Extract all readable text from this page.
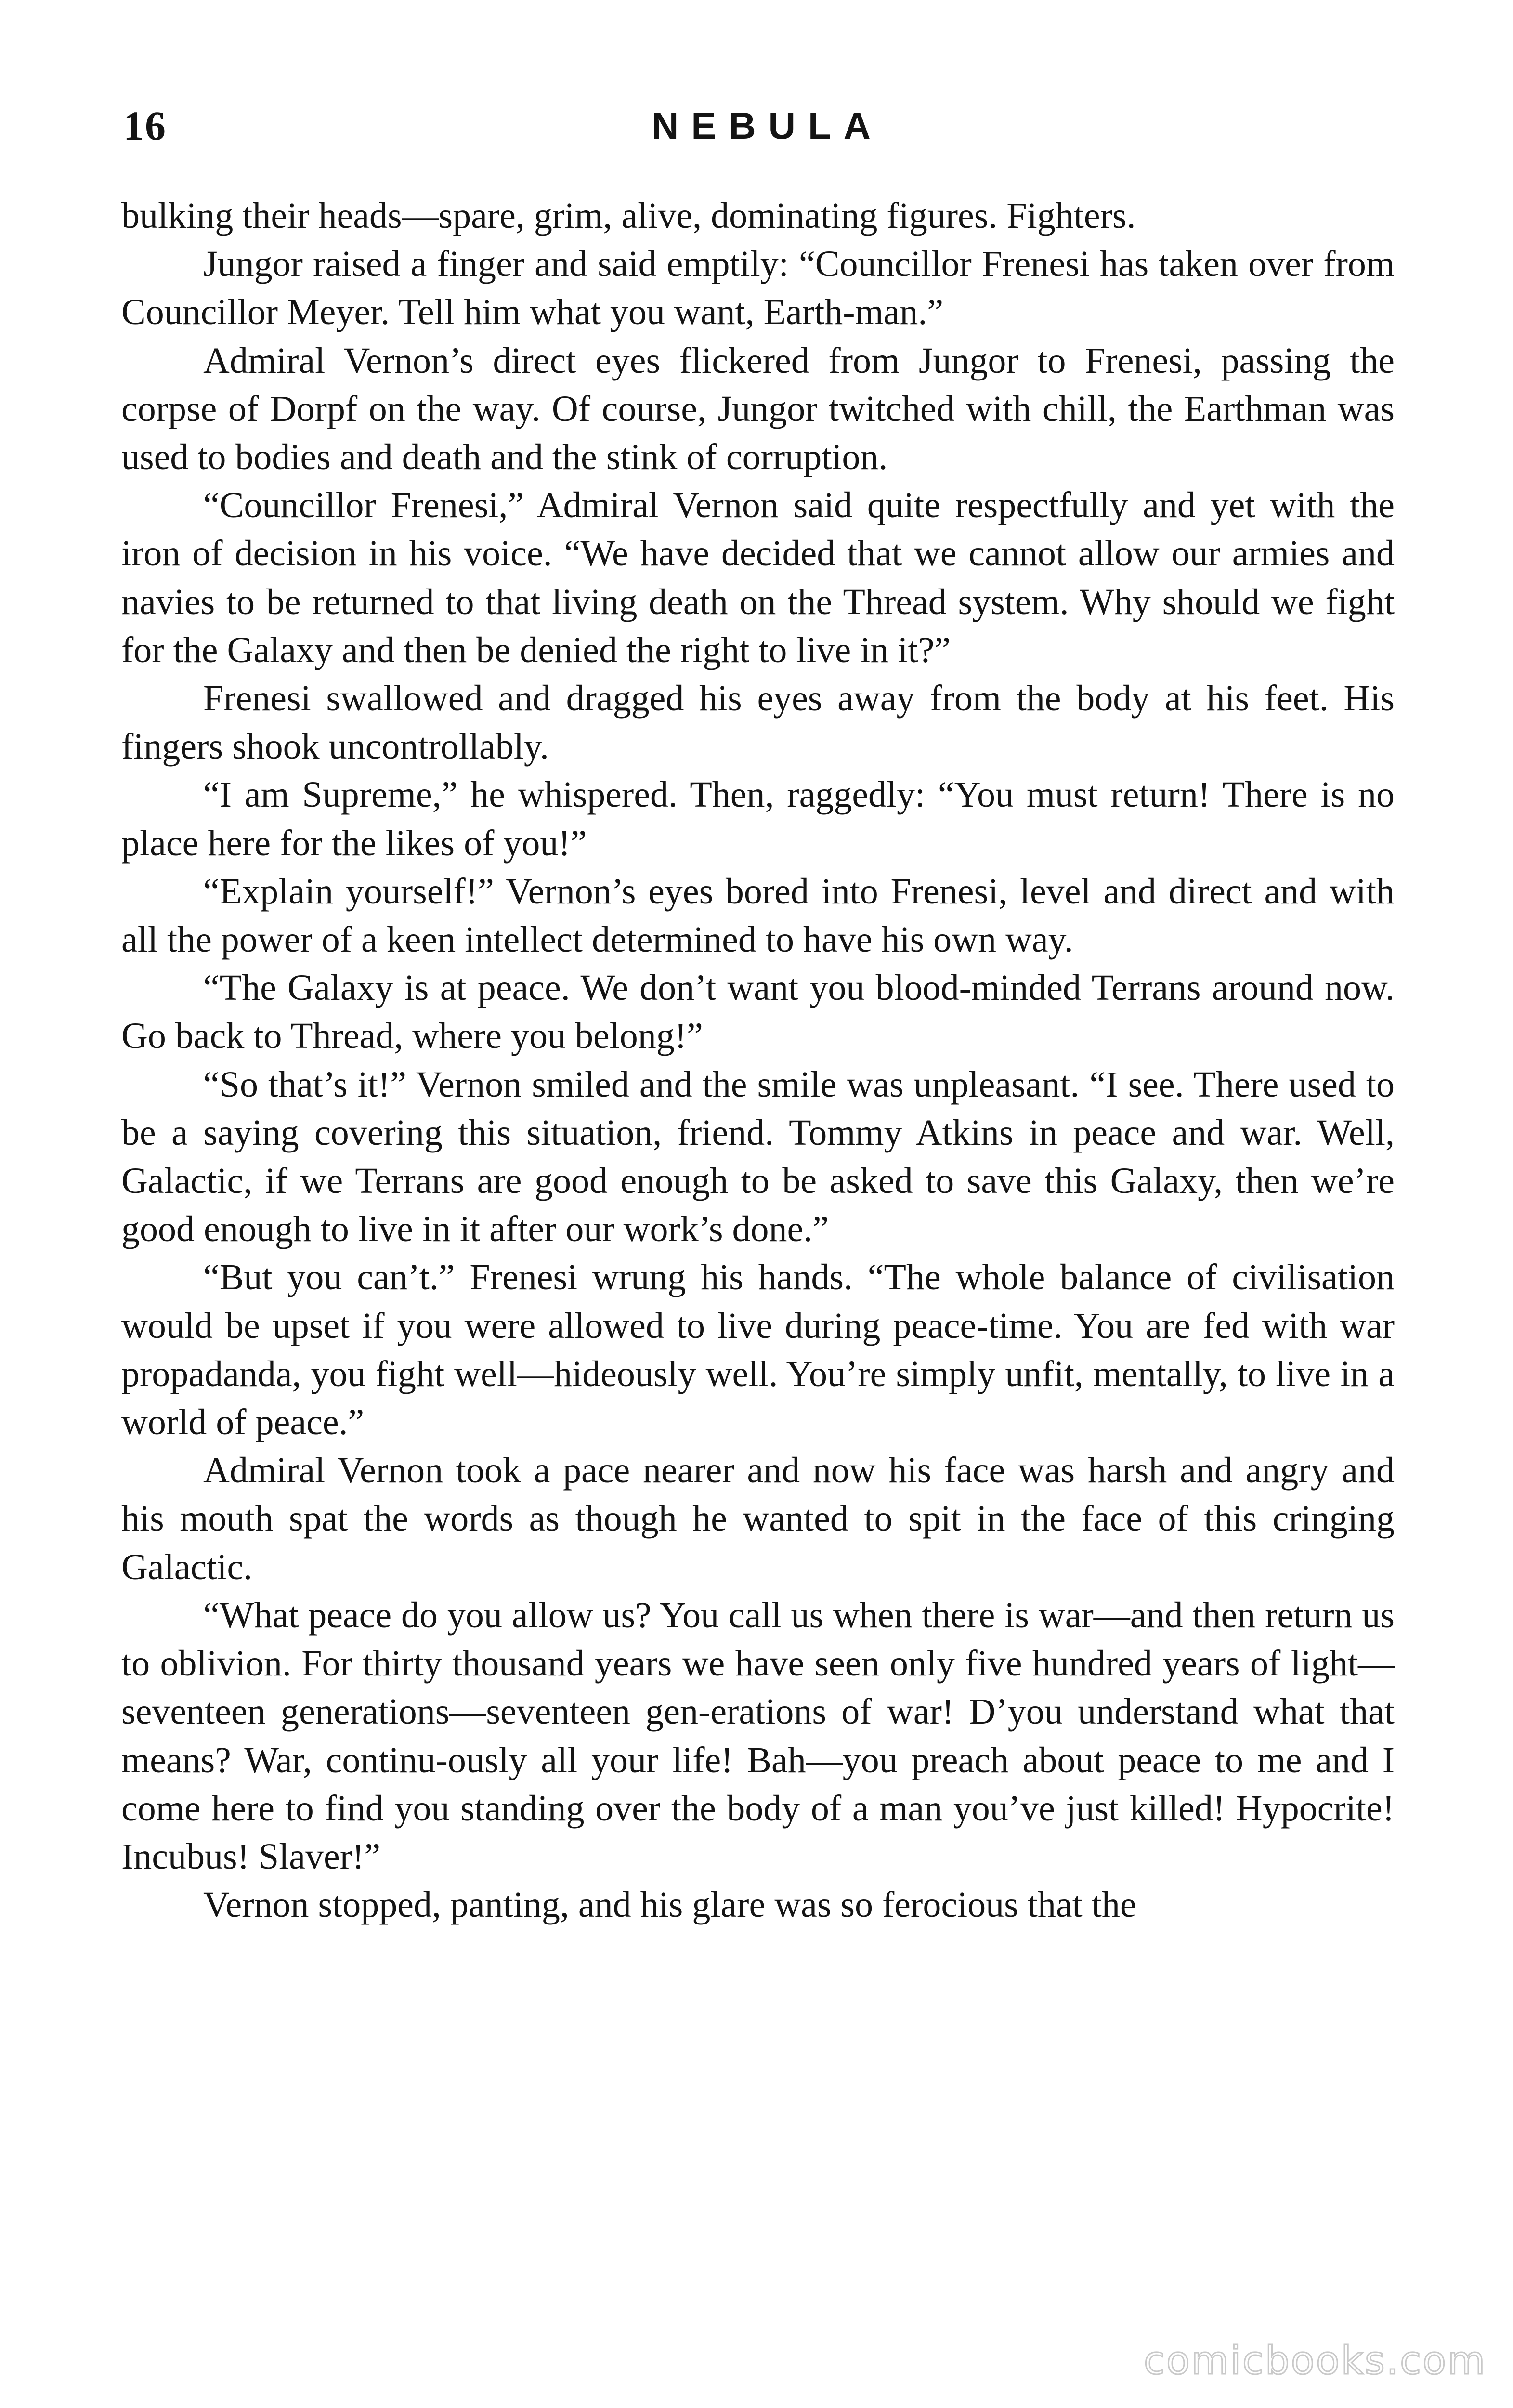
16	NEBULA

bulking their heads—spare, grim, alive, dominating figures. Fighters.

Jungor raised a finger and said emptily: “Councillor Frenesi has taken over from Councillor Meyer. Tell him what you want, Earth-man.”

Admiral Vernon’s direct eyes flickered from Jungor to Frenesi, passing the corpse of Dorpf on the way. Of course, Jungor twitched with chill, the Earthman was used to bodies and death and the stink of corruption.

“Councillor Frenesi,” Admiral Vernon said quite respectfully and yet with the iron of decision in his voice. “We have decided that we cannot allow our armies and navies to be returned to that living death on the Thread system. Why should we fight for the Galaxy and then be denied the right to live in it?”

Frenesi swallowed and dragged his eyes away from the body at his feet. His fingers shook uncontrollably.

“I am Supreme,” he whispered. Then, raggedly: “You must return! There is no place here for the likes of you!”

“Explain yourself!” Vernon’s eyes bored into Frenesi, level and direct and with all the power of a keen intellect determined to have his own way.

“The Galaxy is at peace. We don’t want you blood-minded Terrans around now. Go back to Thread, where you belong!”

“So that’s it!” Vernon smiled and the smile was unpleasant. “I see. There used to be a saying covering this situation, friend. Tommy Atkins in peace and war. Well, Galactic, if we Terrans are good enough to be asked to save this Galaxy, then we’re good enough to live in it after our work’s done.”

“But you can’t.” Frenesi wrung his hands. “The whole balance of civilisation would be upset if you were allowed to live during peace-time. You are fed with war propadanda, you fight well—hideously well. You’re simply unfit, mentally, to live in a world of peace.”

Admiral Vernon took a pace nearer and now his face was harsh and angry and his mouth spat the words as though he wanted to spit in the face of this cringing Galactic.

“What peace do you allow us? You call us when there is war—and then return us to oblivion. For thirty thousand years we have seen only five hundred years of light—seventeen generations—seventeen gen-erations of war! D’you understand what that means? War, continu-ously all your life! Bah—you preach about peace to me and I come here to find you standing over the body of a man you’ve just killed! Hypocrite! Incubus! Slaver!”

Vernon stopped, panting, and his glare was so ferocious that the

comicbooks.com
